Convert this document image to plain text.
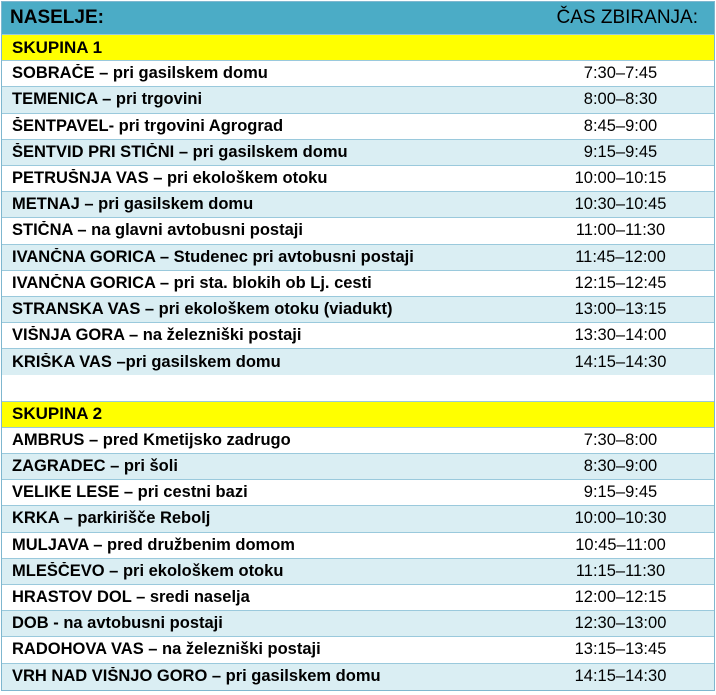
NASELJE:	ČAS ZBIRANJA:
SKUPINA 1
SOBRAČE – pri gasilskem domu	7:30–7:45
TEMENICA – pri trgovini	8:00–8:30
ŠENTPAVEL- pri trgovini Agrograd	8:45–9:00
ŠENTVID PRI STIČNI – pri gasilskem domu	9:15–9:45
PETRUŠNJA VAS – pri ekološkem otoku	10:00–10:15
METNAJ – pri gasilskem domu	10:30–10:45
STIČNA – na glavni avtobusni postaji	11:00–11:30
IVANČNA GORICA – Studenec pri avtobusni postaji	11:45–12:00
IVANČNA GORICA – pri sta. blokih ob Lj. cesti	12:15–12:45
STRANSKA VAS – pri ekološkem otoku (viadukt)	13:00–13:15
VIŠNJA GORA – na železniški postaji	13:30–14:00
KRIŠKA VAS –pri gasilskem domu	14:15–14:30
SKUPINA 2
AMBRUS – pred Kmetijsko zadrugo	7:30–8:00
ZAGRADEC – pri šoli	8:30–9:00
VELIKE LESE – pri cestni bazi	9:15–9:45
KRKA – parkirišče Rebolj	10:00–10:30
MULJAVA – pred družbenim domom	10:45–11:00
MLEŠČEVO – pri ekološkem otoku	11:15–11:30
HRASTOV DOL – sredi naselja	12:00–12:15
DOB - na avtobusni postaji	12:30–13:00
RADOHOVA VAS – na železniški postaji	13:15–13:45
VRH NAD VIŠNJO GORO – pri gasilskem domu	14:15–14:30
